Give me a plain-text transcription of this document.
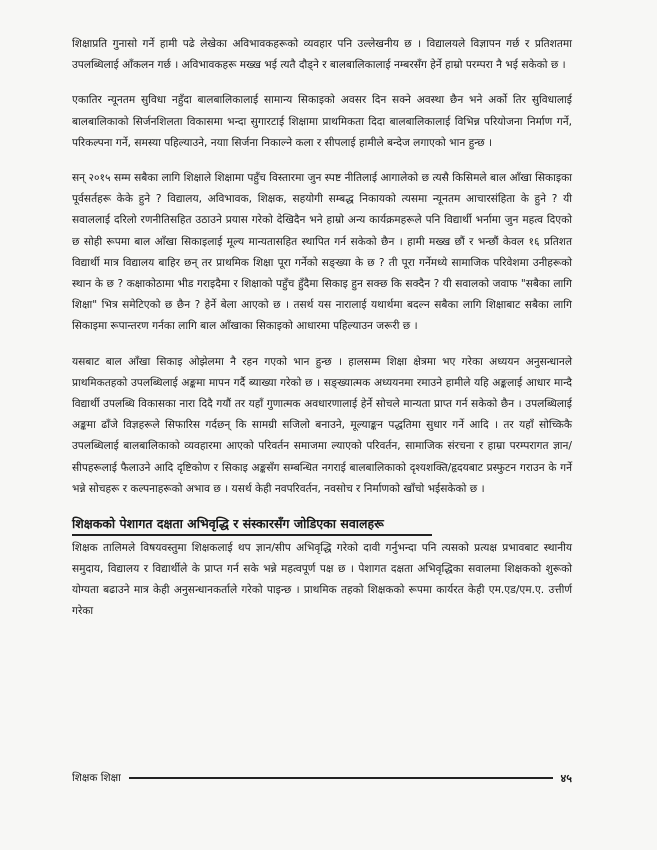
शिक्षाप्रति गुनासो गर्ने हामी पढे लेखेका अविभावकहरूको व्यवहार पनि उल्लेखनीय छ । विद्यालयले विज्ञापन गर्छ र प्रतिशतमा उपलब्धिलाई आँकलन गर्छ । अविभावकहरू मख्ख भई त्यतै दौड्ने र बालबालिकालाई नम्बरसँग हेर्ने हाम्रो परम्परा नै भई सकेको छ ।

एकातिर न्यूनतम सुविधा नहुँदा बालबालिकालाई सामान्य सिकाइको अवसर दिन सक्ने अवस्था छैन भने अर्को तिर सुविधालाई बालबालिकाको सिर्जनशिलता विकासमा भन्दा सुगारटाई शिक्षामा प्राथमिकता दिदा बालबालिकालाई विभिन्न परियोजना निर्माण गर्ने, परिकल्पना गर्ने, समस्या पहिल्याउने, नयाा सिर्जना निकाल्ने कला र सीपलाई हामीले बन्देज लगाएको भान हुन्छ ।

सन् २०१५ सम्म सबैका लागि शिक्षाले शिक्षामा पहुँच विस्तारमा जुन स्पष्ट नीतिलाई आगालेको छ त्यसै किसिमले बाल आँखा सिकाइका पूर्वसर्तहरू केके हुने ? विद्यालय, अविभावक, शिक्षक, सहयोगी सम्बद्ध निकायको त्यसमा न्यूनतम आचारसंहिता के हुने ? यी सवाललाई दरिलो रणनीतिसहित उठाउने प्रयास गरेको देखिदैन भने हाम्रो अन्य कार्यक्रमहरूले पनि विद्यार्थी भर्नामा जुन महत्व दिएको छ सोही रूपमा बाल आँखा सिकाइलाई मूल्य मान्यतासहित स्थापित गर्न सकेको छैन । हामी मख्ख छौं र भन्छौं केवल १६ प्रतिशत विद्यार्थी मात्र विद्यालय बाहिर छन् तर प्राथमिक शिक्षा पूरा गर्नेको सङ्ख्या के छ ? ती पूरा गर्नेमध्ये सामाजिक परिवेशमा उनीहरूको स्थान के छ ? कक्षाकोठामा भीड गराइदैमा र शिक्षाको पहुँच हुँदैमा सिकाइ हुन सक्छ कि सक्दैन ? यी सवालको जवाफ "सबैका लागि शिक्षा" भित्र समेटिएको छ छैन ? हेर्ने बेला आएको छ । तसर्थ यस नारालाई यथार्थमा बदल्न सबैका लागि शिक्षाबाट सबैका लागि सिकाइमा रूपान्तरण गर्नका लागि बाल आँखाका सिकाइको आधारमा पहिल्याउन जरूरी छ ।

यसबाट बाल आँखा सिकाइ ओझेलमा नै रहन गएको भान हुन्छ । हालसम्म शिक्षा क्षेत्रमा भए गरेका अध्ययन अनुसन्धानले प्राथमिकतहको उपलब्धिलाई अङ्कमा मापन गर्दै ब्याख्या गरेको छ । सङ्ख्यात्मक अध्ययनमा रमाउने हामीले यहि अङ्कलाई आधार मान्दै विद्यार्थी उपलब्धि विकासका नारा दिदै गयौं तर यहाँ गुणात्मक अवधारणालाई हेर्ने सोचले मान्यता प्राप्त गर्न सकेको छैन । उपलब्धिलाई अङ्कमा ढाँजे विज्ञहरूले सिफारिस गर्दछन् कि सामग्री सजिलो बनाउने, मूल्याङ्कन पद्धतिमा सुधार गर्ने आदि । तर यहाँ सोच्किकै उपलब्धिलाई बालबालिकाको व्यवहारमा आएको परिवर्तन समाजमा ल्याएको परिवर्तन, सामाजिक संरचना र हाम्रा परम्परागत ज्ञान/सीपहरूलाई फैलाउने आदि दृष्टिकोण र सिकाइ अङ्कसँग सम्बन्धित नगराई बालबालिकाको दृश्यशक्ति/हृदयबाट प्रस्फुटन गराउन के गर्ने भन्ने सोचहरू र कल्पनाहरूको अभाव छ । यसर्थ केही नवपरिवर्तन, नवसोच र निर्माणको खाँचो भईसकेको छ ।

शिक्षकको पेशागत दक्षता अभिवृद्धि र संस्कारसँग जोडिएका सवालहरू

शिक्षक तालिमले विषयवस्तुमा शिक्षकलाई थप ज्ञान/सीप अभिवृद्धि गरेको दावी गर्नुभन्दा पनि त्यसको प्रत्यक्ष प्रभावबाट स्थानीय समुदाय, विद्यालय र विद्यार्थीले के प्राप्त गर्न सके भन्ने महत्वपूर्ण पक्ष छ । पेशागत दक्षता अभिवृद्धिका सवालमा शिक्षकको शुरूको योग्यता बढाउने मात्र केही अनुसन्धानकर्ताले गरेको पाइन्छ । प्राथमिक तहको शिक्षकको रूपमा कार्यरत केही एम.एड/एम.ए. उत्तीर्ण गरेका

शिक्षक शिक्षा	४५
